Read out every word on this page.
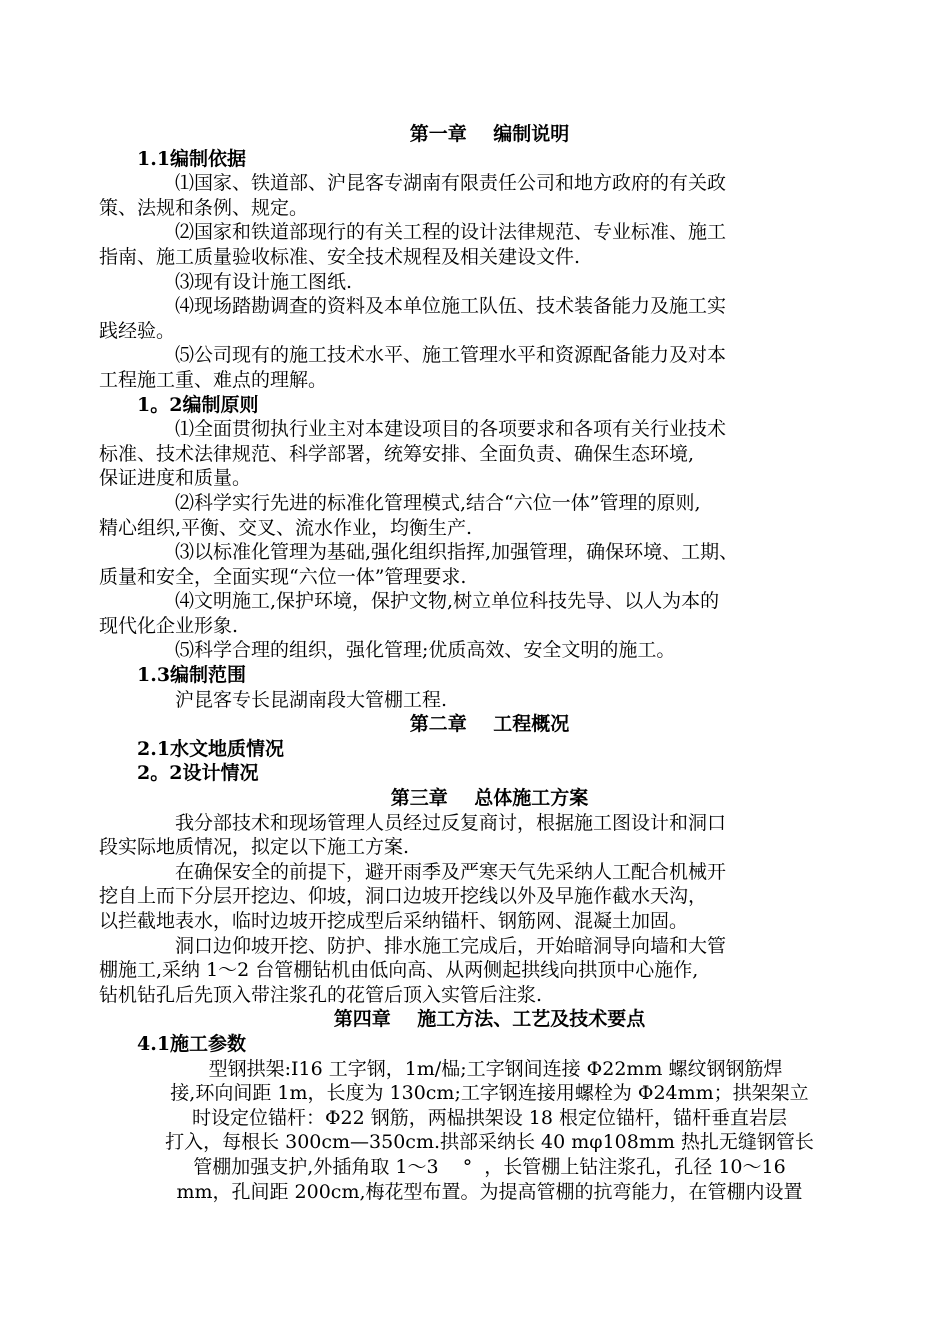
第一章    编制说明

1.1编制依据

⑴国家、铁道部、沪昆客专湖南有限责任公司和地方政府的有关政
策、法规和条例、规定。

⑵国家和铁道部现行的有关工程的设计法律规范、专业标准、施工
指南、施工质量验收标准、安全技术规程及相关建设文件.

⑶现有设计施工图纸.

⑷现场踏勘调查的资料及本单位施工队伍、技术装备能力及施工实
践经验。

⑸公司现有的施工技术水平、施工管理水平和资源配备能力及对本
工程施工重、难点的理解。

1。2编制原则

⑴全面贯彻执行业主对本建设项目的各项要求和各项有关行业技术
标准、技术法律规范、科学部署，统筹安排、全面负责、确保生态环境,
保证进度和质量。

⑵科学实行先进的标准化管理模式,结合“六位一体”管理的原则,
精心组织,平衡、交叉、流水作业，均衡生产.

⑶以标准化管理为基础,强化组织指挥,加强管理，确保环境、工期、
质量和安全，全面实现“六位一体”管理要求.

⑷文明施工,保护环境，保护文物,树立单位科技先导、以人为本的
现代化企业形象.

⑸科学合理的组织，强化管理;优质高效、安全文明的施工。

1.3编制范围

沪昆客专长昆湖南段大管棚工程.

第二章    工程概况

2.1水文地质情况

2。2设计情况

第三章    总体施工方案

我分部技术和现场管理人员经过反复商讨，根据施工图设计和洞口
段实际地质情况，拟定以下施工方案.

在确保安全的前提下，避开雨季及严寒天气先采纳人工配合机械开
挖自上而下分层开挖边、仰坡，洞口边坡开挖线以外及早施作截水天沟，
以拦截地表水，临时边坡开挖成型后采纳锚杆、钢筋网、混凝土加固。

洞口边仰坡开挖、防护、排水施工完成后，开始暗洞导向墙和大管
棚施工,采纳 1～2 台管棚钻机由低向高、从两侧起拱线向拱顶中心施作,
钻机钻孔后先顶入带注浆孔的花管后顶入实管后注浆.

第四章    施工方法、工艺及技术要点

4.1施工参数

型钢拱架:I16 工字钢，1m/榀;工字钢间连接 Φ22mm 螺纹钢钢筋焊
接,环向间距 1m，长度为 130cm;工字钢连接用螺栓为 Φ24mm；拱架架立
时设定位锚杆：Φ22 钢筋，两榀拱架设 18 根定位锚杆，锚杆垂直岩层
打入，每根长 300cm—350cm.拱部采纳长 40 mφ108mm 热扎无缝钢管长
管棚加强支护,外插角取 1～3    °  ，长管棚上钻注浆孔，孔径 10～16
mm，孔间距 200cm,梅花型布置。为提高管棚的抗弯能力，在管棚内设置
